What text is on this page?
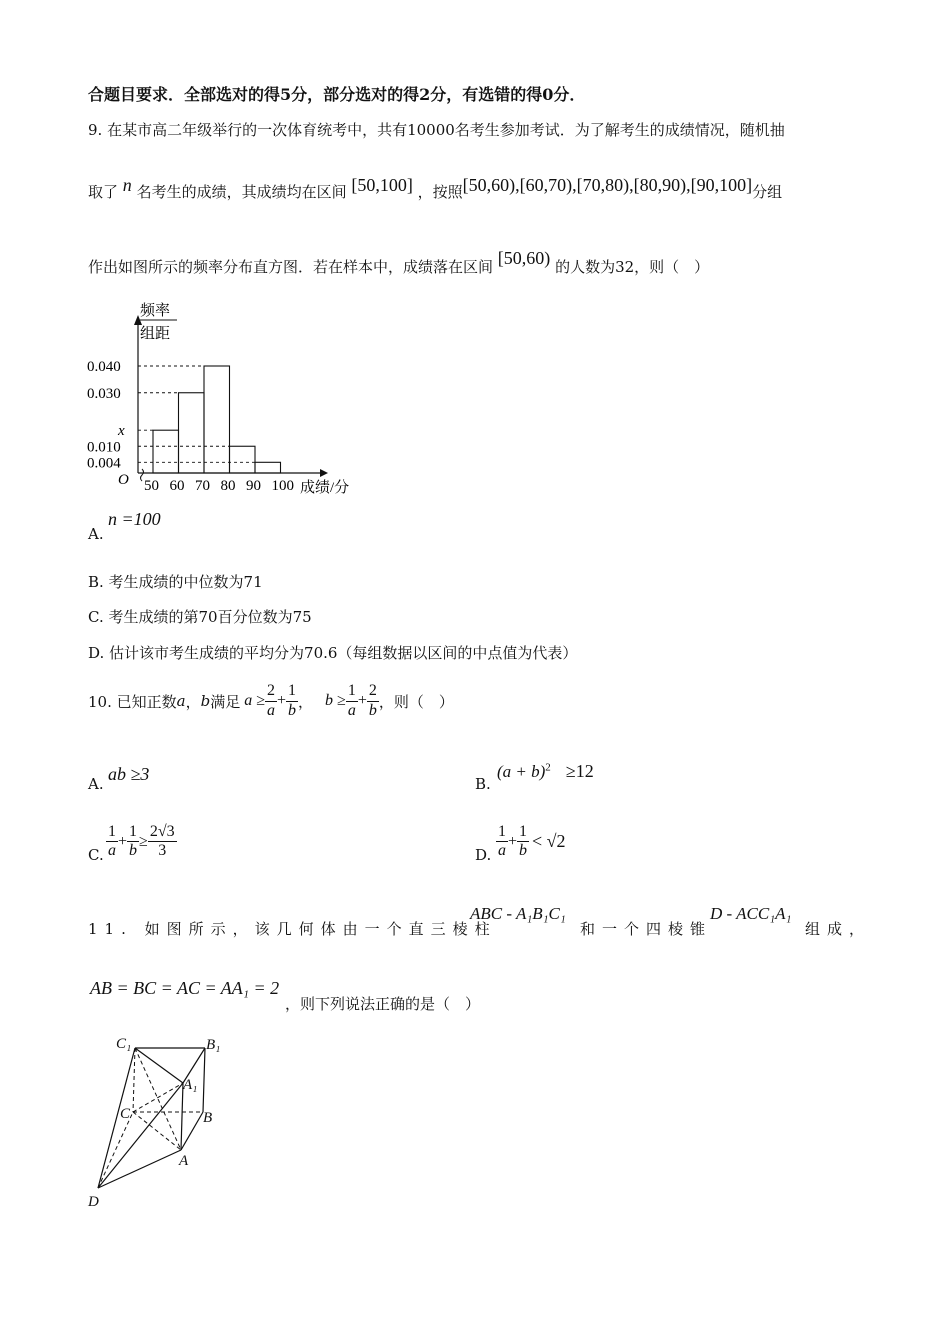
合题目要求．全部选对的得5分，部分选对的得2分，有选错的得0分．
9. 在某市高二年级举行的一次体育统考中，共有10000名考生参加考试．为了解考生的成绩情况，随机抽
取了 n 名考生的成绩，其成绩均在区间 [50,100] ，按照[50,60),[60,70),[70,80),[80,90),[90,100]分组
作出如图所示的频率分布直方图．若在样本中，成绩落在区间 [50,60) 的人数为32，则（　）
频率
组距
0.040
0.030
x
0.010
0.004
50 60 70 80 90 100
O	成绩/分
A.
n =100
B. 考生成绩的中位数为71
C. 考生成绩的第70百分位数为75
D. 估计该市考生成绩的平均分为70.6（每组数据以区间的中点值为代表）
10. 已知正数 a ， b 满足 $a \ge \frac{2}{a} + \frac{1}{b}$ ， $b \ge \frac{1}{a} + \frac{2}{b}$ ，则（　）
A. ab ≥3	B.
$(a + b)^2 \ge 12$
C. $\frac{1}{a} + \frac{1}{b} \ge \frac{2√3}{3}$	D. $\frac{1}{a} + \frac{1}{b} < √2$
11. 如图所示，该几何体由一个直三棱柱
ABC - A₁B₁C₁
和一个四棱锥
D - ACC₁A₁
组成，
AB = BC = AC = AA₁ = 2
，则下列说法正确的是（　）
C₁	B₁
A₁
C	B
A
D
